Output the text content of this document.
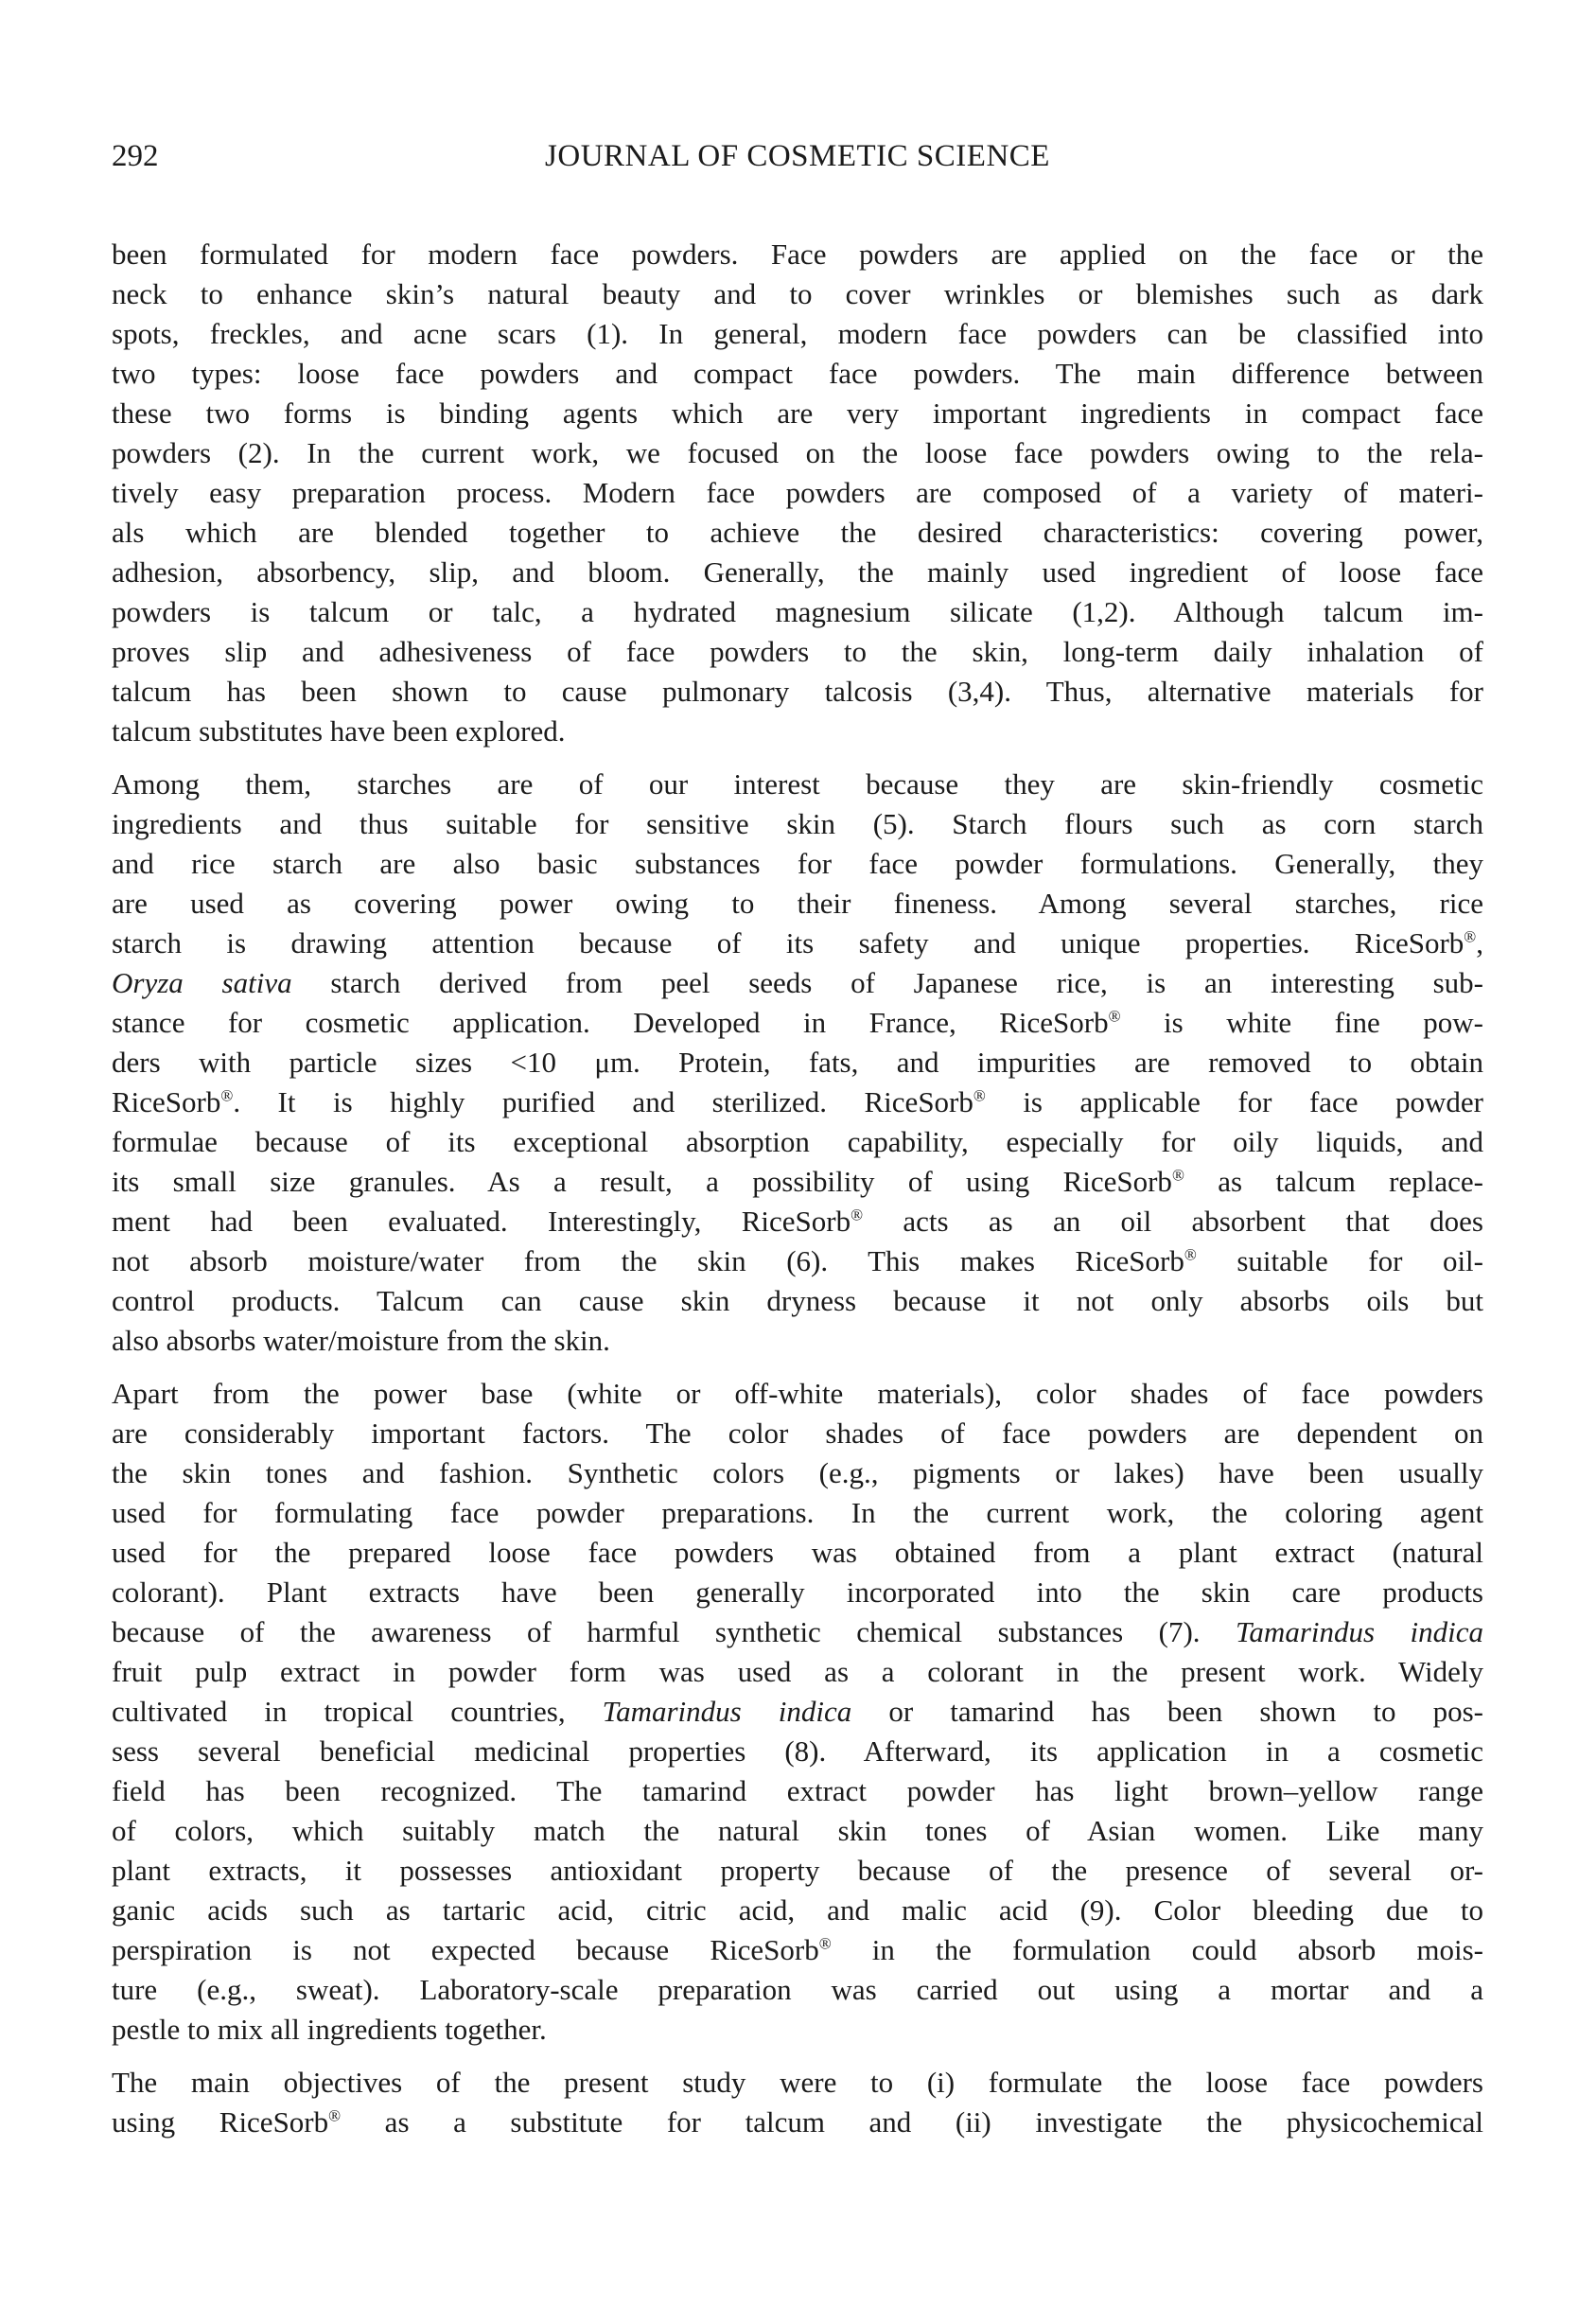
292	JOURNAL OF COSMETIC SCIENCE
been formulated for modern face powders. Face powders are applied on the face or the
neck to enhance skin’s natural beauty and to cover wrinkles or blemishes such as dark
spots, freckles, and acne scars (1). In general, modern face powders can be classified into
two types: loose face powders and compact face powders. The main difference between
these two forms is binding agents which are very important ingredients in compact face
powders (2). In the current work, we focused on the loose face powders owing to the rela-
tively easy preparation process. Modern face powders are composed of a variety of materi-
als which are blended together to achieve the desired characteristics: covering power,
adhesion, absorbency, slip, and bloom. Generally, the mainly used ingredient of loose face
powders is talcum or talc, a hydrated magnesium silicate (1,2). Although talcum im-
proves slip and adhesiveness of face powders to the skin, long-term daily inhalation of
talcum has been shown to cause pulmonary talcosis (3,4). Thus, alternative materials for
talcum substitutes have been explored.
Among them, starches are of our interest because they are skin-friendly cosmetic
ingredients and thus suitable for sensitive skin (5). Starch flours such as corn starch
and rice starch are also basic substances for face powder formulations. Generally, they
are used as covering power owing to their fineness. Among several starches, rice
starch is drawing attention because of its safety and unique properties. RiceSorb®,
Oryza sativa starch derived from peel seeds of Japanese rice, is an interesting sub-
stance for cosmetic application. Developed in France, RiceSorb® is white fine pow-
ders with particle sizes <10 μm. Protein, fats, and impurities are removed to obtain
RiceSorb®. It is highly purified and sterilized. RiceSorb® is applicable for face powder
formulae because of its exceptional absorption capability, especially for oily liquids, and
its small size granules. As a result, a possibility of using RiceSorb® as talcum replace-
ment had been evaluated. Interestingly, RiceSorb® acts as an oil absorbent that does
not absorb moisture/water from the skin (6). This makes RiceSorb® suitable for oil-
control products. Talcum can cause skin dryness because it not only absorbs oils but
also absorbs water/moisture from the skin.
Apart from the power base (white or off-white materials), color shades of face powders
are considerably important factors. The color shades of face powders are dependent on
the skin tones and fashion. Synthetic colors (e.g., pigments or lakes) have been usually
used for formulating face powder preparations. In the current work, the coloring agent
used for the prepared loose face powders was obtained from a plant extract (natural
colorant). Plant extracts have been generally incorporated into the skin care products
because of the awareness of harmful synthetic chemical substances (7). Tamarindus indica
fruit pulp extract in powder form was used as a colorant in the present work. Widely
cultivated in tropical countries, Tamarindus indica or tamarind has been shown to pos-
sess several beneficial medicinal properties (8). Afterward, its application in a cosmetic
field has been recognized. The tamarind extract powder has light brown–yellow range
of colors, which suitably match the natural skin tones of Asian women. Like many
plant extracts, it possesses antioxidant property because of the presence of several or-
ganic acids such as tartaric acid, citric acid, and malic acid (9). Color bleeding due to
perspiration is not expected because RiceSorb® in the formulation could absorb mois-
ture (e.g., sweat). Laboratory-scale preparation was carried out using a mortar and a
pestle to mix all ingredients together.
The main objectives of the present study were to (i) formulate the loose face powders
using RiceSorb® as a substitute for talcum and (ii) investigate the physicochemical
